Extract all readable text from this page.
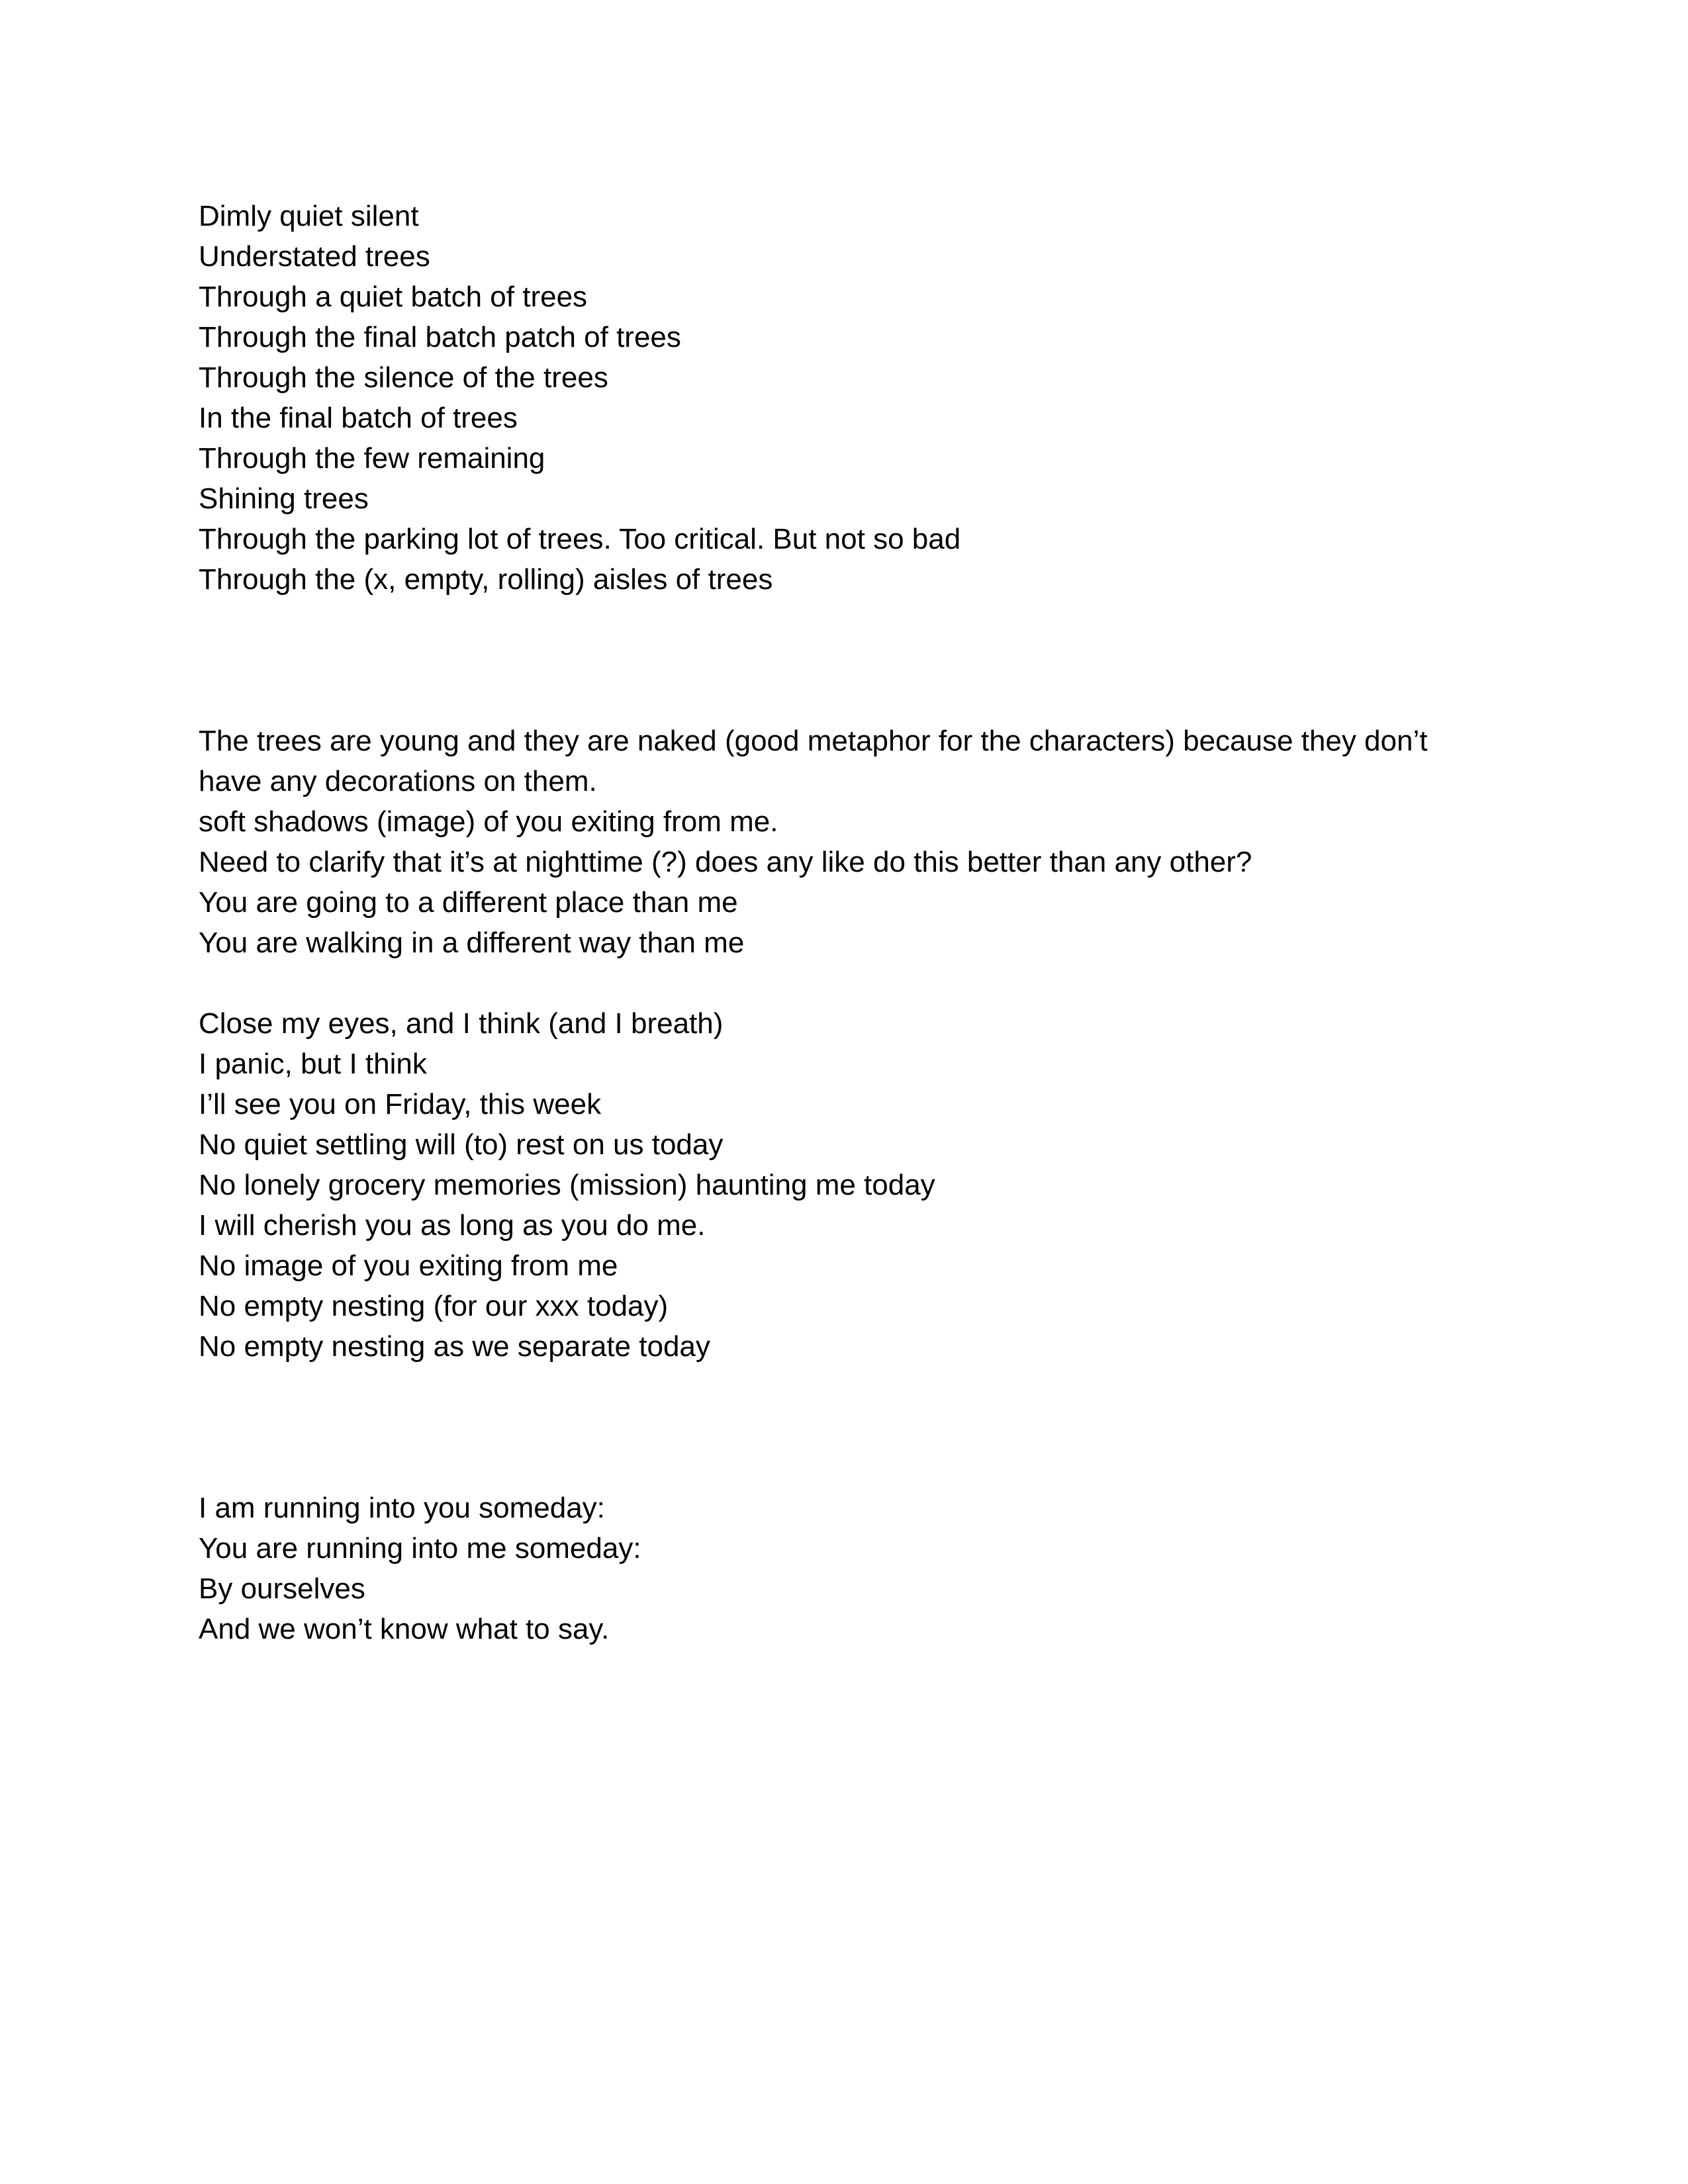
Dimly quiet silent
Understated trees
Through a quiet batch of trees
Through the final batch patch of trees
Through the silence of the trees
In the final batch of trees
Through the few remaining
Shining trees
Through the parking lot of trees. Too critical. But not so bad
Through the (x, empty, rolling) aisles of trees
The trees are young and they are naked (good metaphor for the characters) because they don’t have any decorations on them.
soft shadows (image) of you exiting from me.
Need to clarify that it’s at nighttime (?) does any like do this better than any other?
You are going to a different place than me
You are walking in a different way than me
Close my eyes, and I think (and I breath)
I panic, but I think
I’ll see you on Friday, this week
No quiet settling will (to) rest on us today
No lonely grocery memories (mission) haunting me today
I will cherish you as long as you do me.
No image of you exiting from me
No empty nesting (for our xxx today)
No empty nesting as we separate today
I am running into you someday:
You are running into me someday:
By ourselves
And we won’t know what to say.
